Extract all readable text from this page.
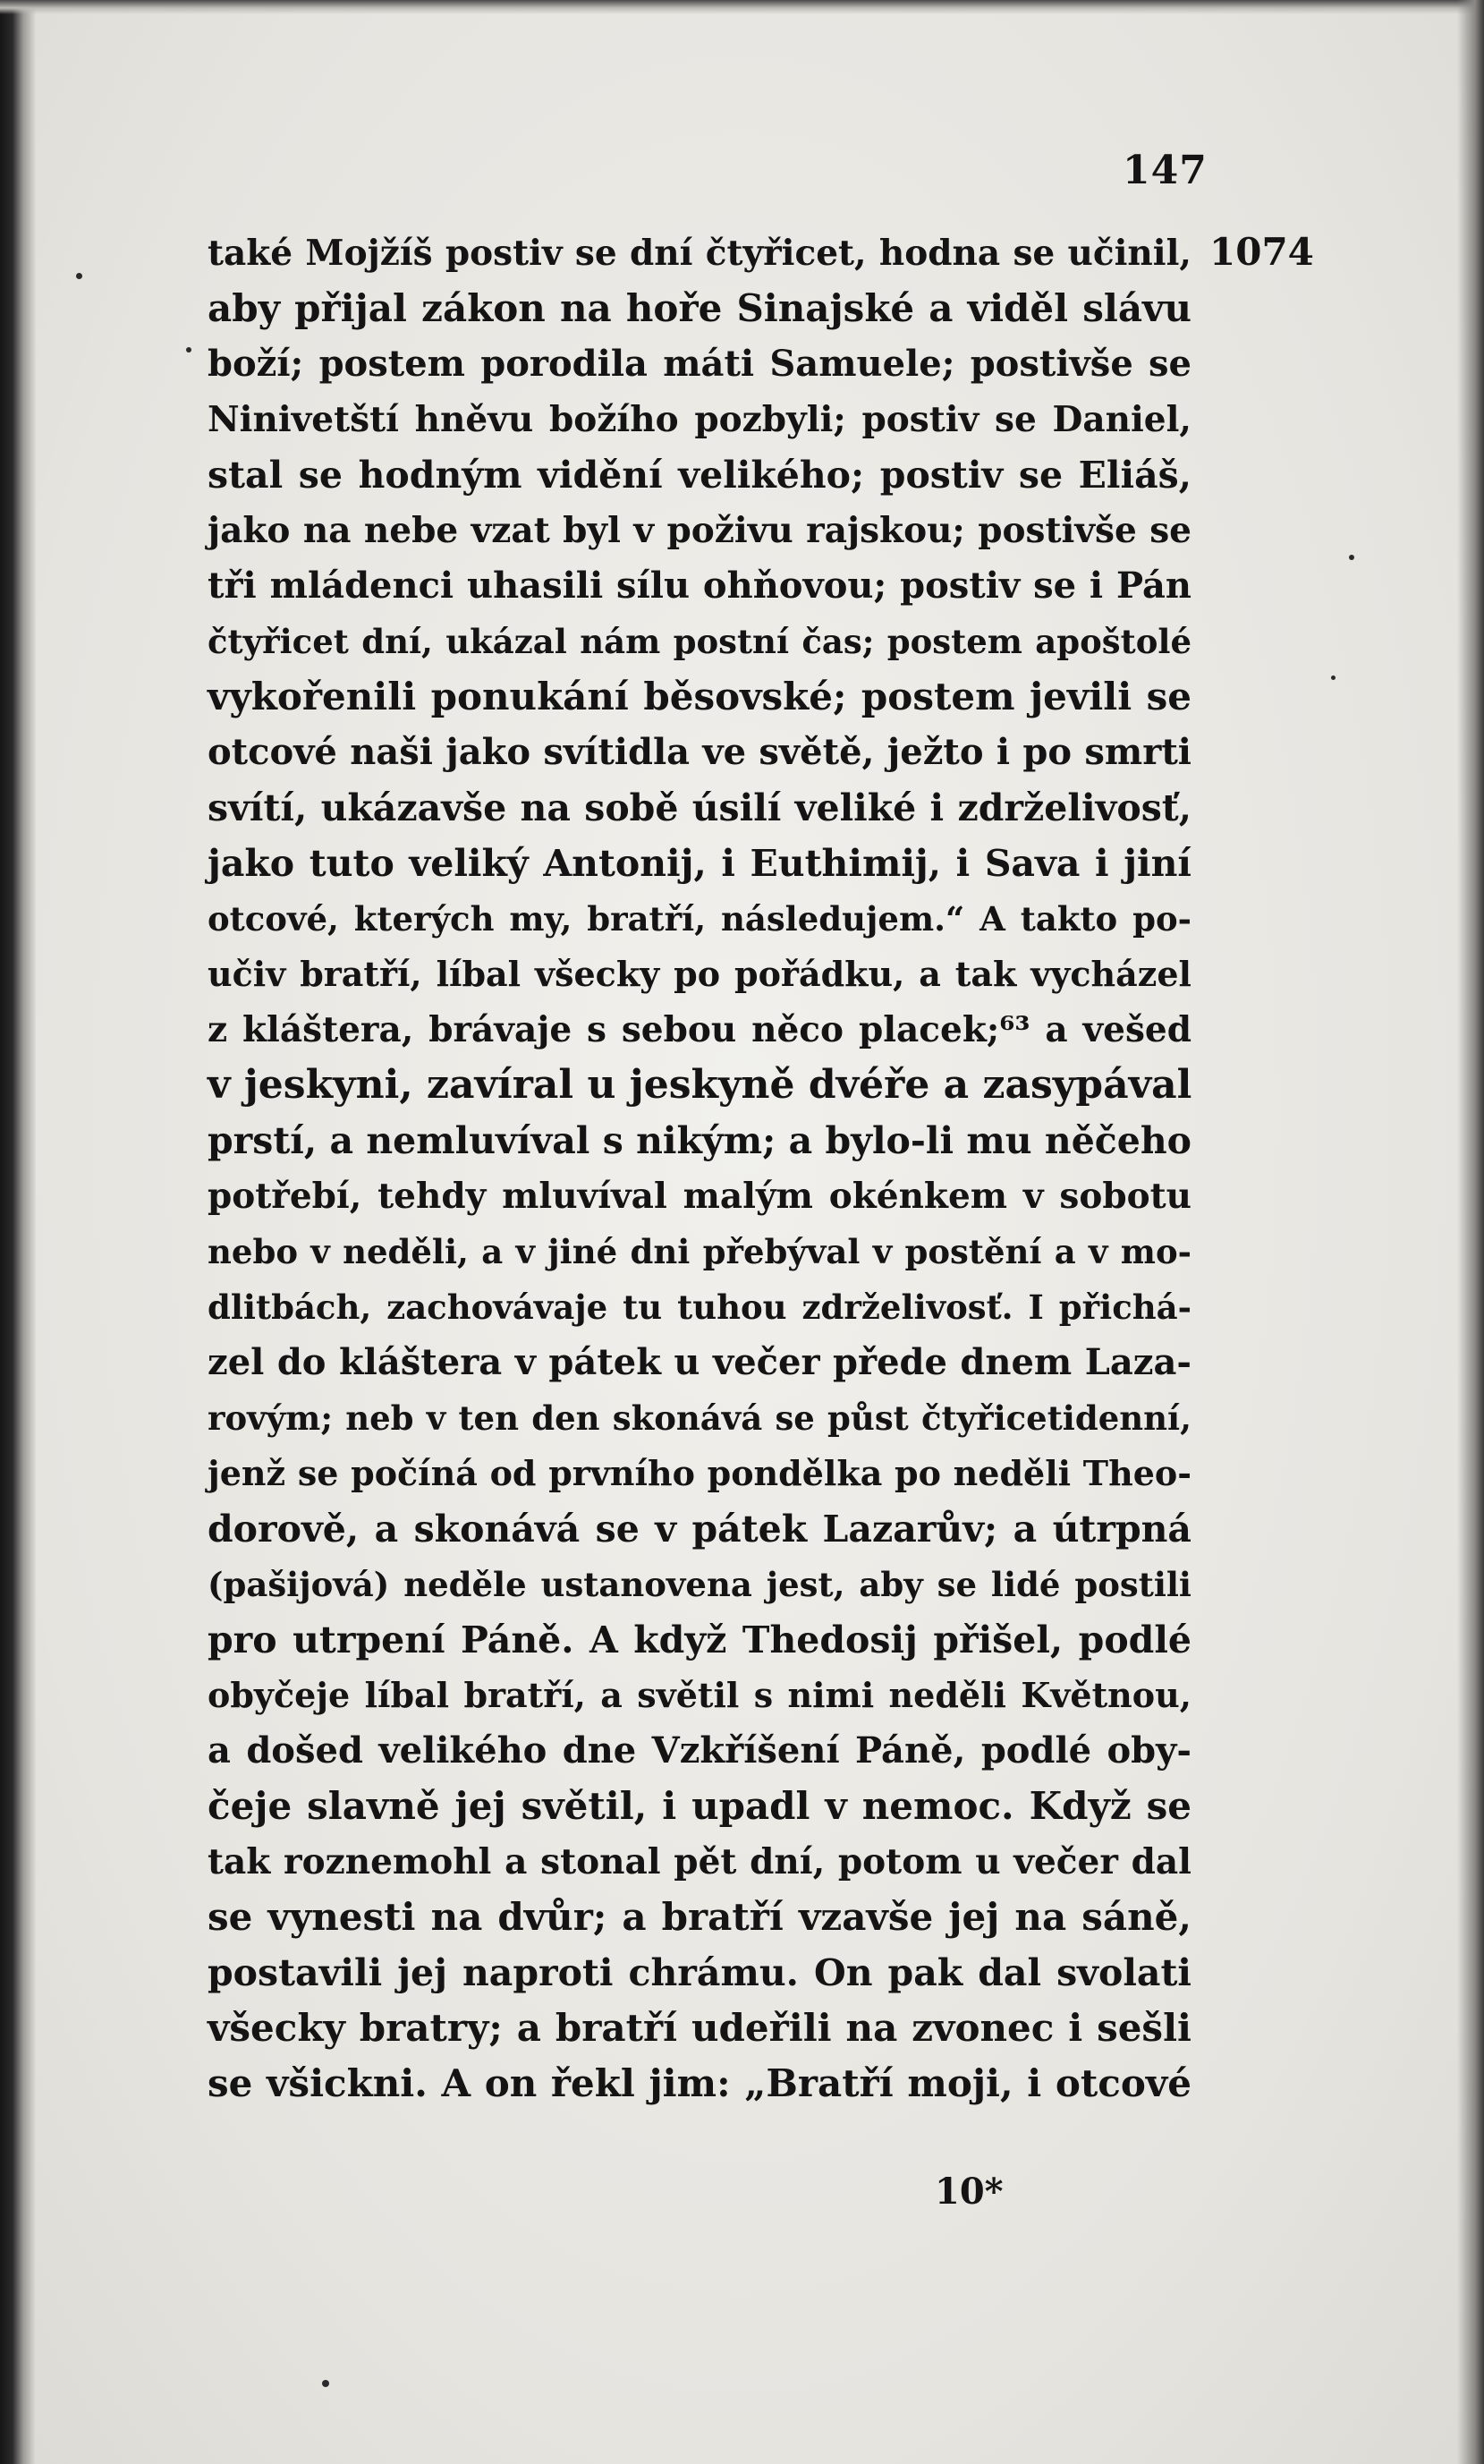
147
1074
také Mojžíš postiv se dní čtyřicet, hodna se učinil,
aby přijal zákon na hoře Sinajské a viděl slávu
boží; postem porodila máti Samuele; postivše se
Ninivetští hněvu božího pozbyli; postiv se Daniel,
stal se hodným vidění velikého; postiv se Eliáš,
jako na nebe vzat byl v poživu rajskou; postivše se
tři mládenci uhasili sílu ohňovou; postiv se i Pán
čtyřicet dní, ukázal nám postní čas; postem apoštolé
vykořenili ponukání běsovské; postem jevili se
otcové naši jako svítidla ve světě, ježto i po smrti
svítí, ukázavše na sobě úsilí veliké i zdrželivosť,
jako tuto veliký Antonij, i Euthimij, i Sava i jiní
otcové, kterých my, bratří, následujem.“ A takto po-
učiv bratří, líbal všecky po pořádku, a tak vycházel
z kláštera, brávaje s sebou něco placek;⁶³ a vešed
v jeskyni, zavíral u jeskyně dvéře a zasypával
prstí, a nemluvíval s nikým; a bylo-li mu něčeho
potřebí, tehdy mluvíval malým okénkem v sobotu
nebo v neděli, a v jiné dni přebýval v postění a v mo-
dlitbách, zachovávaje tu tuhou zdrželivosť. I přichá-
zel do kláštera v pátek u večer přede dnem Laza-
rovým; neb v ten den skonává se půst čtyřicetidenní,
jenž se počíná od prvního pondělka po neděli Theo-
dorově, a skonává se v pátek Lazarův; a útrpná
(pašijová) neděle ustanovena jest, aby se lidé postili
pro utrpení Páně. A když Thedosij přišel, podlé
obyčeje líbal bratří, a světil s nimi neděli Květnou,
a došed velikého dne Vzkříšení Páně, podlé oby-
čeje slavně jej světil, i upadl v nemoc. Když se
tak roznemohl a stonal pět dní, potom u večer dal
se vynesti na dvůr; a bratří vzavše jej na sáně,
postavili jej naproti chrámu. On pak dal svolati
všecky bratry; a bratří udeřili na zvonec i sešli
se všickni. A on řekl jim: „Bratří moji, i otcové
10*
